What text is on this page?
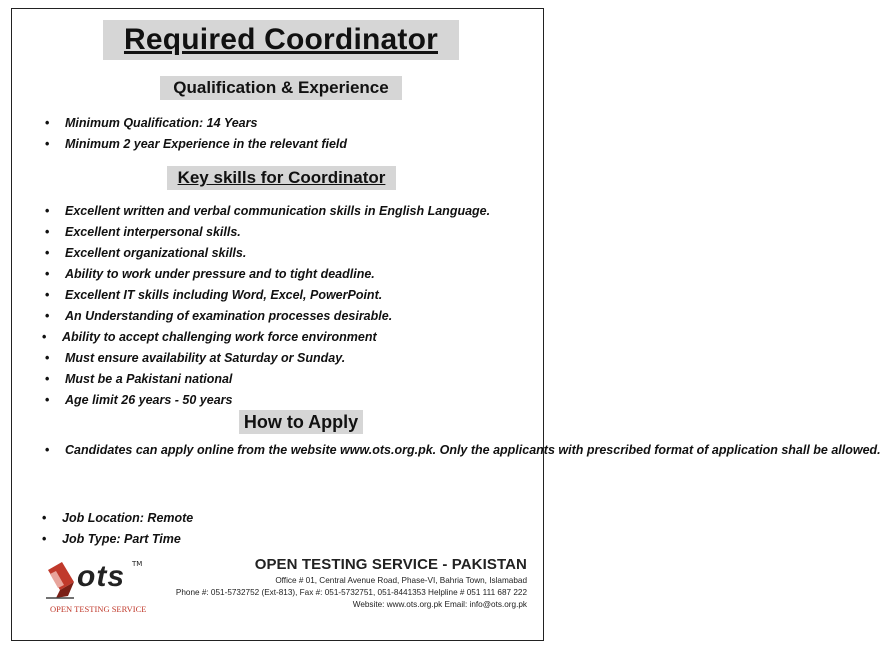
Required Coordinator
Qualification & Experience
• Minimum Qualification: 14 Years
• Minimum 2 year Experience in the relevant field
Key skills for Coordinator
• Excellent written and verbal communication skills in English Language.
• Excellent interpersonal skills.
• Excellent organizational skills.
• Ability to work under pressure and to tight deadline.
• Excellent IT skills including Word, Excel, PowerPoint.
• An Understanding of examination processes desirable.
• Ability to accept challenging work force environment
• Must ensure availability at Saturday or Sunday.
• Must be a Pakistani national
• Age limit 26 years - 50 years
How to Apply
• Candidates can apply online from the website www.ots.org.pk. Only the applicants with prescribed format of application shall be allowed.
• Job Location: Remote
• Job Type: Part Time
ots TM
OPEN TESTING SERVICE
OPEN TESTING SERVICE - PAKISTAN
Office # 01, Central Avenue Road, Phase-VI, Bahria Town, Islamabad
Phone #: 051-5732752 (Ext-813), Fax #: 051-5732751, 051-8441353 Helpline # 051 111 687 222
Website: www.ots.org.pk Email: info@ots.org.pk
